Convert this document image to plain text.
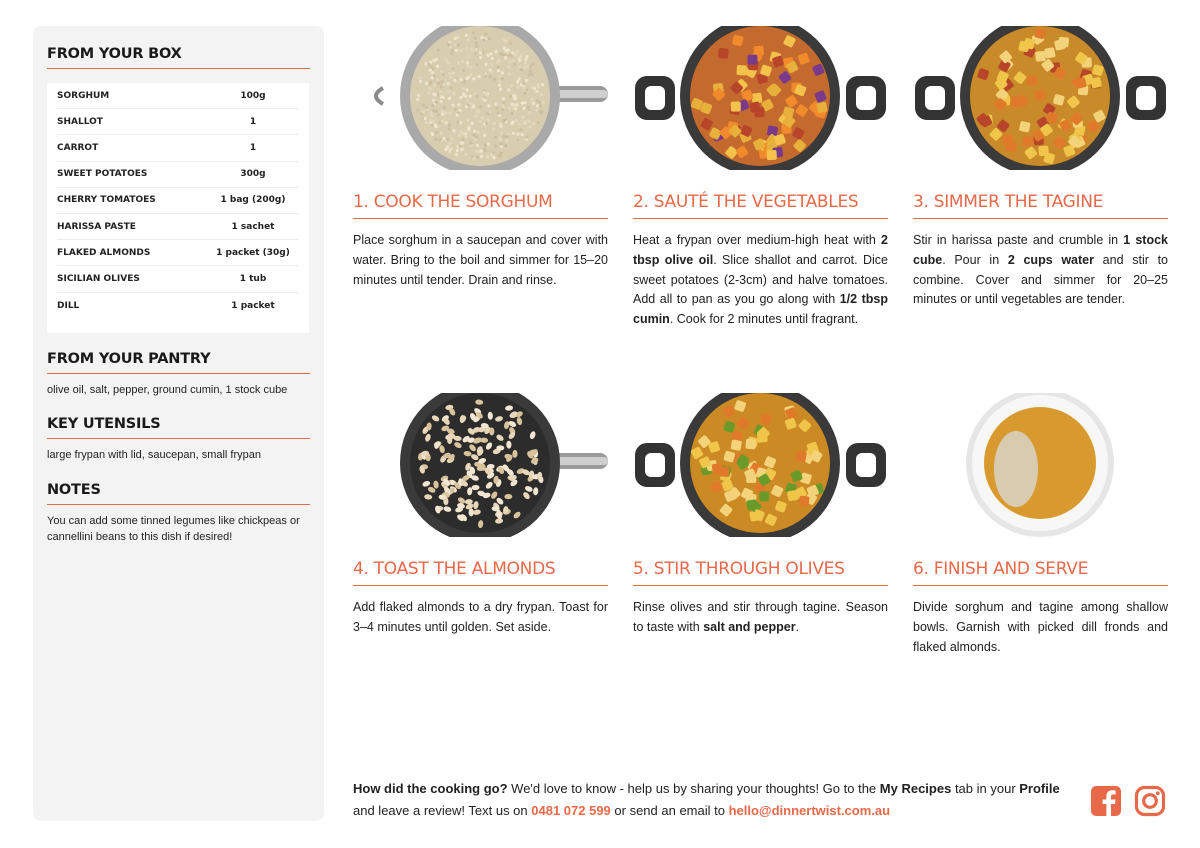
FROM YOUR BOX
SORGHUM	100g
SHALLOT	1
CARROT	1
SWEET POTATOES	300g
CHERRY TOMATOES	1 bag (200g)
HARISSA PASTE	1 sachet
FLAKED ALMONDS	1 packet (30g)
SICILIAN OLIVES	1 tub
DILL	1 packet
FROM YOUR PANTRY
olive oil, salt, pepper, ground cumin, 1 stock cube
KEY UTENSILS
large frypan with lid, saucepan, small frypan
NOTES
You can add some tinned legumes like chickpeas or cannellini beans to this dish if desired!
1. COOK THE SORGHUM
Place sorghum in a saucepan and cover with water. Bring to the boil and simmer for 15–20 minutes until tender. Drain and rinse.
2. SAUTÉ THE VEGETABLES
Heat a frypan over medium-high heat with 2 tbsp olive oil. Slice shallot and carrot. Dice sweet potatoes (2-3cm) and halve tomatoes. Add all to pan as you go along with 1/2 tbsp cumin. Cook for 2 minutes until fragrant.
3. SIMMER THE TAGINE
Stir in harissa paste and crumble in 1 stock cube. Pour in 2 cups water and stir to combine. Cover and simmer for 20–25 minutes or until vegetables are tender.
4. TOAST THE ALMONDS
Add flaked almonds to a dry frypan. Toast for 3–4 minutes until golden. Set aside.
5. STIR THROUGH OLIVES
Rinse olives and stir through tagine. Season to taste with salt and pepper.
6. FINISH AND SERVE
Divide sorghum and tagine among shallow bowls. Garnish with picked dill fronds and flaked almonds.
How did the cooking go? We'd love to know - help us by sharing your thoughts! Go to the My Recipes tab in your Profile and leave a review! Text us on 0481 072 599 or send an email to hello@dinnertwist.com.au
